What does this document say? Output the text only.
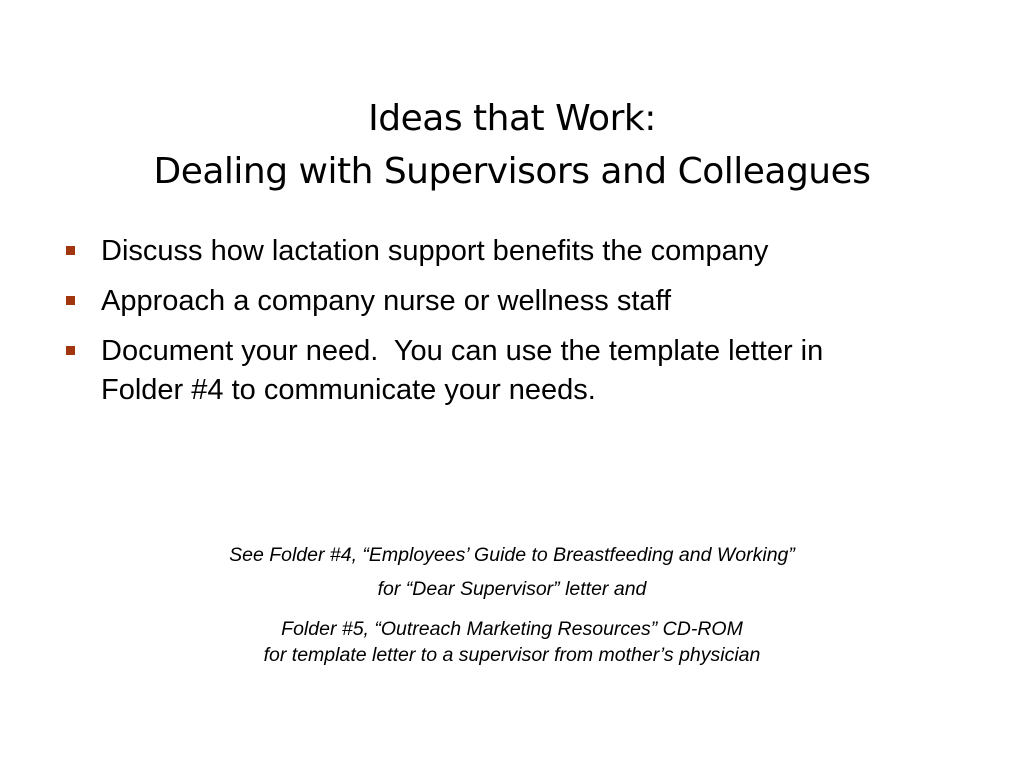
Ideas that Work:
Dealing with Supervisors and Colleagues
Discuss how lactation support benefits the company
Approach a company nurse or wellness staff
Document your need.  You can use the template letter in
Folder #4 to communicate your needs.
See Folder #4, “Employees’ Guide to Breastfeeding and Working”
for “Dear Supervisor” letter and
Folder #5, “Outreach Marketing Resources” CD-ROM
for template letter to a supervisor from mother’s physician
